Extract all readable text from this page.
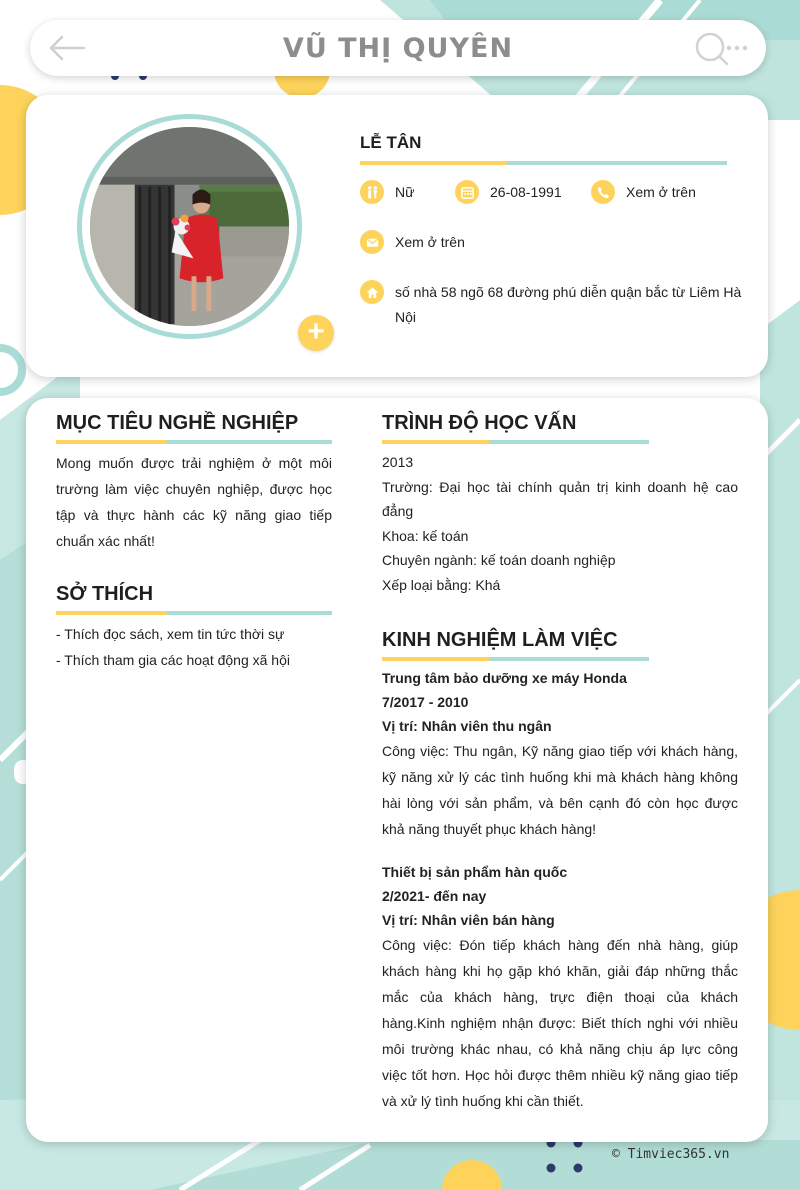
VŨ THỊ QUYÊN
+
LỄ TÂN
Nữ	26-08-1991	Xem ở trên
Xem ở trên
số nhà 58 ngõ 68 đường phú diễn quận bắc từ Liêm Hà Nội
MỤC TIÊU NGHỀ NGHIỆP
Mong muốn được trải nghiệm ở một môi trường làm việc chuyên nghiệp, được học tập và thực hành các kỹ năng giao tiếp chuẩn xác nhất!
SỞ THÍCH
- Thích đọc sách, xem tin tức thời sự
- Thích tham gia các hoạt động xã hội
TRÌNH ĐỘ HỌC VẤN
2013
Trường: Đại học tài chính quản trị kinh doanh hệ cao đẳng
Khoa: kế toán
Chuyên ngành: kế toán doanh nghiệp
Xếp loại bằng: Khá
KINH NGHIỆM LÀM VIỆC
Trung tâm bảo dưỡng xe máy Honda
7/2017 - 2010
Vị trí: Nhân viên thu ngân
Công việc: Thu ngân, Kỹ năng giao tiếp với khách hàng, kỹ năng xử lý các tình huống khi mà khách hàng không hài lòng với sản phẩm, và bên cạnh đó còn học được khả năng thuyết phục khách hàng!
Thiết bị sản phẩm hàn quốc
2/2021- đến nay
Vị trí: Nhân viên bán hàng
Công việc: Đón tiếp khách hàng đến nhà hàng, giúp khách hàng khi họ gặp khó khăn, giải đáp những thắc mắc của khách hàng, trực điện thoại của khách hàng.Kinh nghiệm nhận được: Biết thích nghi với nhiều môi trường khác nhau, có khả năng chịu áp lực công việc tốt hơn. Học hỏi được thêm nhiều kỹ năng giao tiếp và xử lý tình huống khi cần thiết.
© Timviec365.vn
